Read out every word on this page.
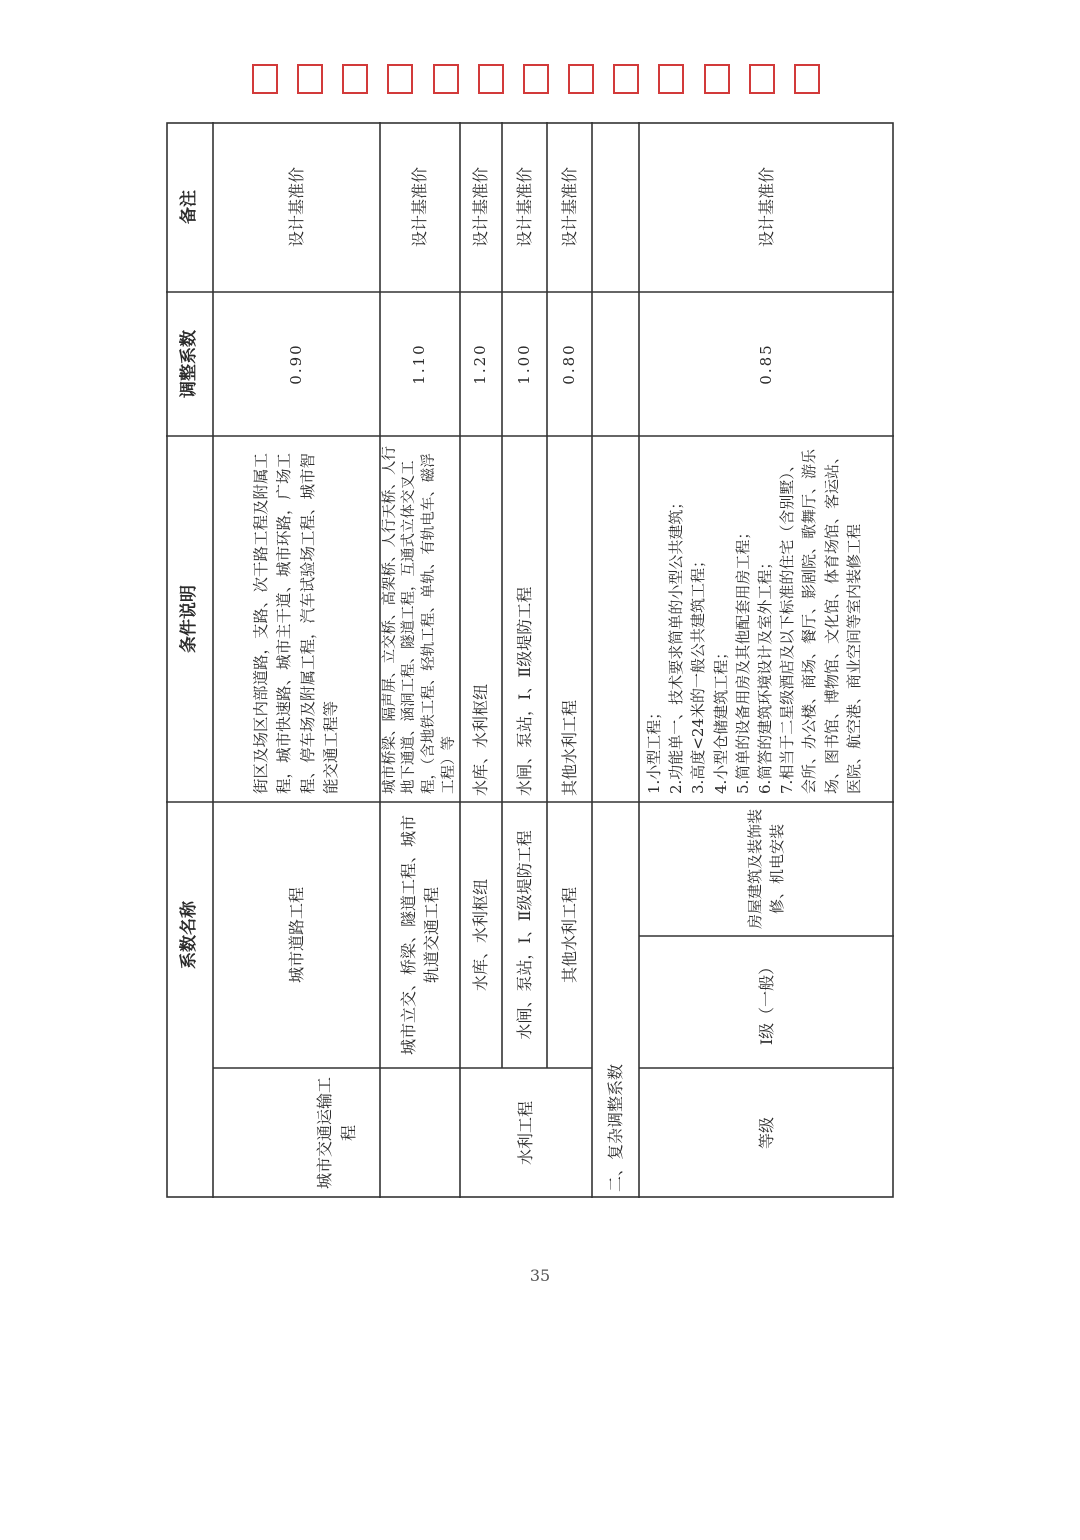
系数名称
条件说明
调整系数
备注
城市交通运输工程	水利工程
城市道路工程
街区及场区内部道路，支路、次干路工程及附属工程，城市快速路、城市主干道、城市环路，广场工程、停车场及附属工程，汽车试验场工程、城市智能交通工程等
0.90
设计基准价
城市立交、桥梁、隧道工程、城市轨道交通工程
城市桥梁、隔声屏、立交桥、高架桥、人行天桥、人行地下通道、涵洞工程、隧道工程，互通式立体交叉工程，（含地铁工程、轻轨工程、单轨、有轨电车、磁浮工程）等
1.10
设计基准价
水库、水利枢纽
水库、水利枢纽
1.20
设计基准价
水闸、泵站，Ⅰ、Ⅱ级堤防工程
水闸、泵站，Ⅰ、Ⅱ级堤防工程
1.00
设计基准价
其他水利工程
其他水利工程
0.80
设计基准价
二、复杂调整系数	等级
Ⅰ级（一般）
房屋建筑及装饰装修、机电安装
1.小型工程； 2.功能单一、技术要求简单的小型公共建筑； 3.高度<24米的一般公共建筑工程； 4.小型仓储建筑工程； 5.简单的设备用房及其他配套用房工程； 6.简答的建筑环境设计及室外工程； 7.相当于二星级酒店及以下标准的住宅（含别墅）、会所、办公楼、商场、餐厅、影剧院、歌舞厅、游乐场、图书馆、博物馆、文化馆、体育场馆、客运站、医院、航空港、商业空间等室内装修工程
0.85
设计基准价
35
